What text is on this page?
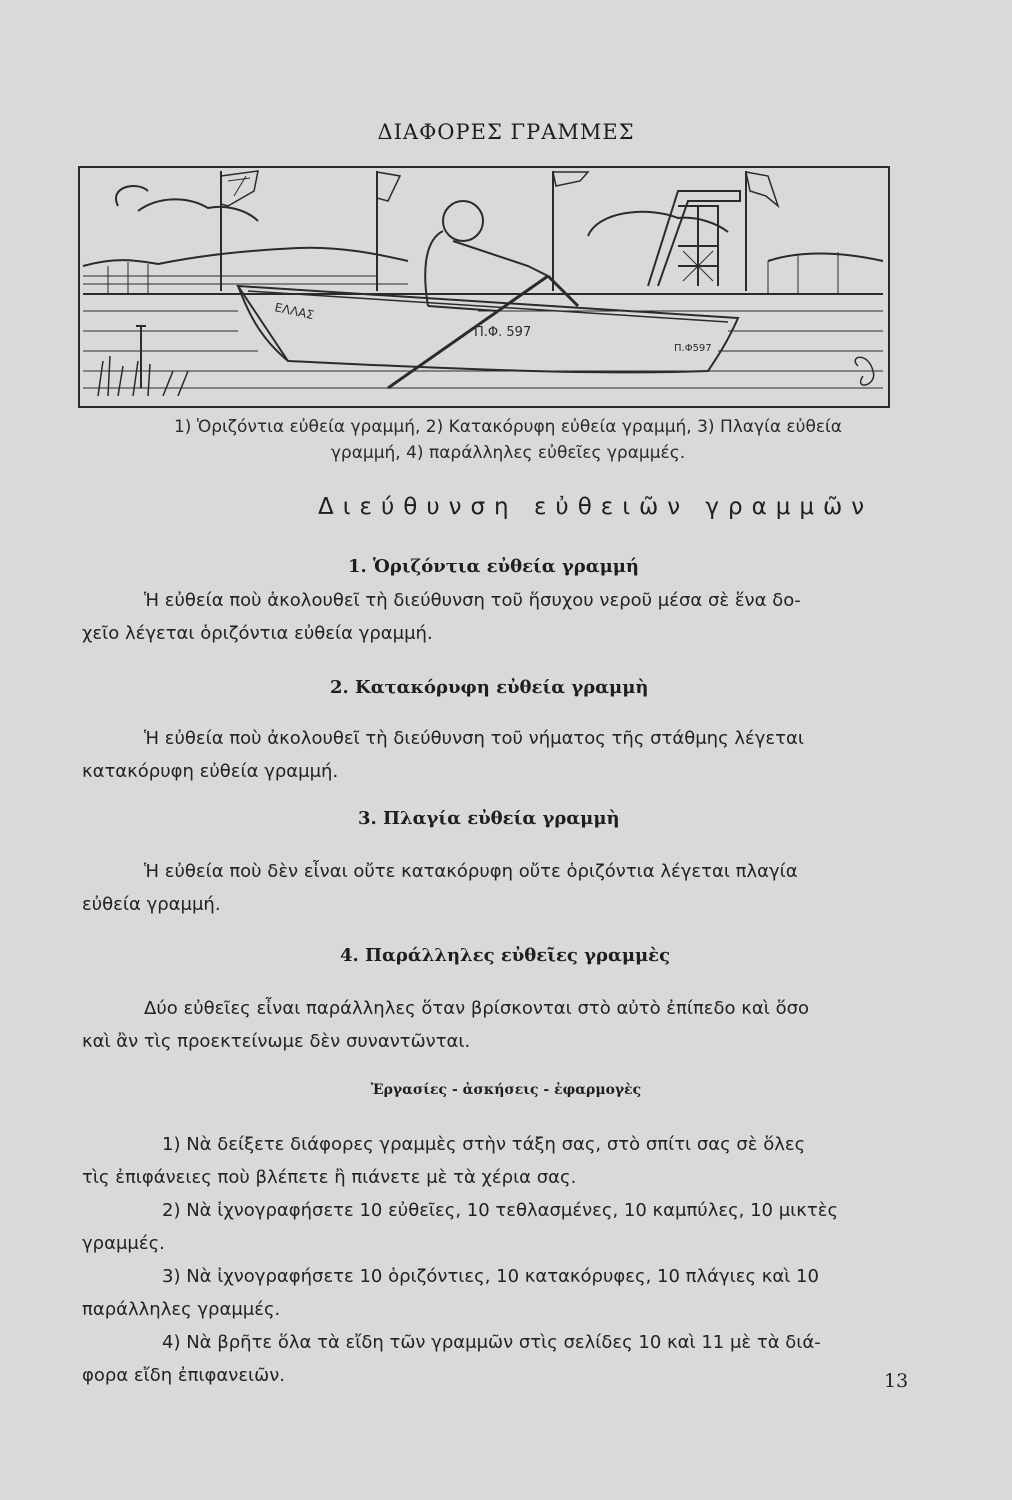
ΔΙΑΦΟΡΕΣ ΓΡΑΜΜΕΣ
Π.Φ. 597
Π.Φ597
ΕΛΛΑΣ
1) Ὁριζόντια εὐθεία γραμμή, 2) Κατακόρυφη εὐθεία γραμμή, 3) Πλαγία εὐθεία
γραμμή, 4) παράλληλες εὐθεῖες γραμμές.
Διεύθυνση εὐθειῶν γραμμῶν
1. Ὁριζόντια εὐθεία γραμμή
Ἡ εὐθεία ποὺ ἀκολουθεῖ τὴ διεύθυνση τοῦ ἥσυχου νεροῦ μέσα σὲ ἕνα δο-
χεῖο λέγεται ὁριζόντια εὐθεία γραμμή.
2. Κατακόρυφη εὐθεία γραμμὴ
Ἡ εὐθεία ποὺ ἀκολουθεῖ τὴ διεύθυνση τοῦ νήματος τῆς στάθμης λέγεται
κατακόρυφη εὐθεία γραμμή.
3. Πλαγία εὐθεία γραμμὴ
Ἡ εὐθεία ποὺ δὲν εἶναι οὔτε κατακόρυφη οὔτε ὁριζόντια λέγεται πλαγία
εὐθεία γραμμή.
4. Παράλληλες εὐθεῖες γραμμὲς
Δύο εὐθεῖες εἶναι παράλληλες ὅταν βρίσκονται στὸ αὐτὸ ἐπίπεδο καὶ ὅσο
καὶ ἂν τὶς προεκτείνωμε δὲν συναντῶνται.
Ἐργασίες - ἀσκήσεις - ἐφαρμογὲς
1) Νὰ δείξετε διάφορες γραμμὲς στὴν τάξη σας, στὸ σπίτι σας σὲ ὅλες
τὶς ἐπιφάνειες ποὺ βλέπετε ἢ πιάνετε μὲ τὰ χέρια σας.
2) Νὰ ἰχνογραφήσετε 10 εὐθεῖες, 10 τεθλασμένες, 10 καμπύλες, 10 μικτὲς
γραμμές.
3) Νὰ ἰχνογραφήσετε 10 ὁριζόντιες, 10 κατακόρυφες, 10 πλάγιες καὶ 10
παράλληλες γραμμές.
4) Νὰ βρῆτε ὅλα τὰ εἴδη τῶν γραμμῶν στὶς σελίδες 10 καὶ 11 μὲ τὰ διά-
φορα εἴδη ἐπιφανειῶν.	13
